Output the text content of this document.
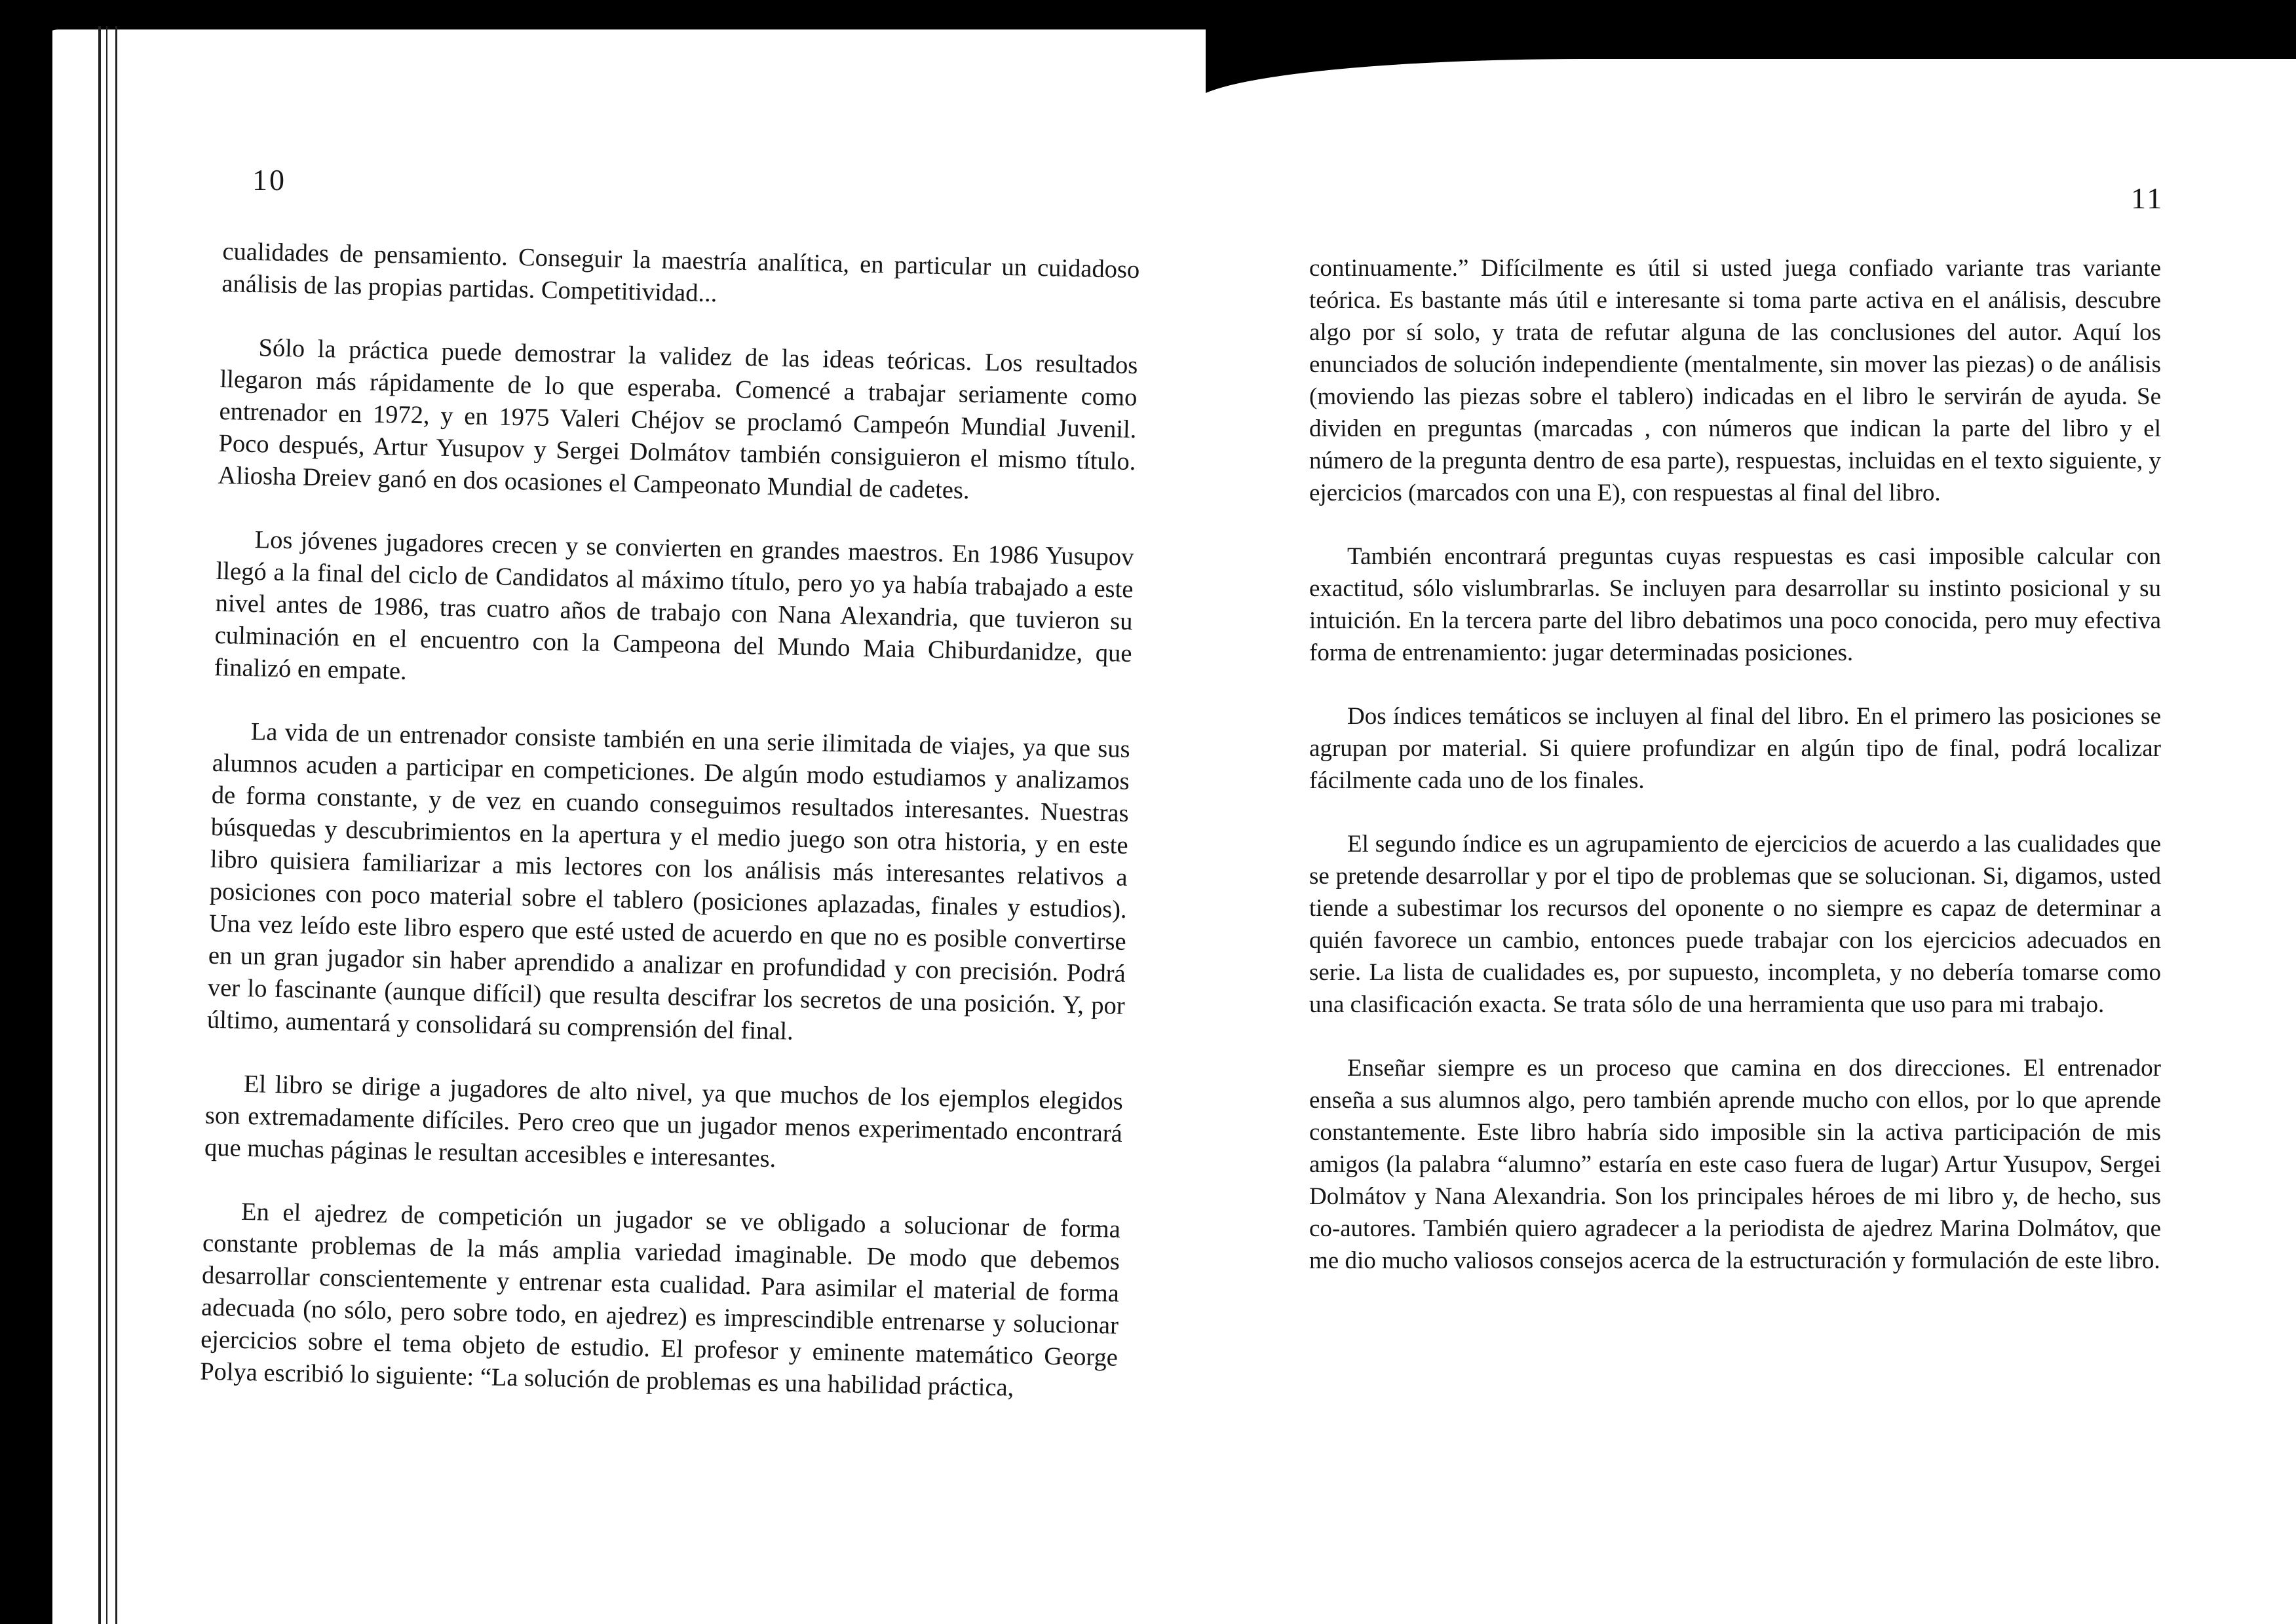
10

cualidades de pensamiento. Conseguir la maestría analítica, en particular un cuidadoso análisis de las propias partidas. Competitividad...

Sólo la práctica puede demostrar la validez de las ideas teóricas. Los resultados llegaron más rápidamente de lo que esperaba. Comencé a trabajar seriamente como entrenador en 1972, y en 1975 Valeri Chéjov se proclamó Campeón Mundial Juvenil. Poco después, Artur Yusupov y Sergei Dolmátov también consiguieron el mismo título. Aliosha Dreiev ganó en dos ocasiones el Campeonato Mundial de cadetes.

Los jóvenes jugadores crecen y se convierten en grandes maestros. En 1986 Yusupov llegó a la final del ciclo de Candidatos al máximo título, pero yo ya había trabajado a este nivel antes de 1986, tras cuatro años de trabajo con Nana Alexandria, que tuvieron su culminación en el encuentro con la Campeona del Mundo Maia Chiburdanidze, que finalizó en empate.

La vida de un entrenador consiste también en una serie ilimitada de viajes, ya que sus alumnos acuden a participar en competiciones. De algún modo estudiamos y analizamos de forma constante, y de vez en cuando conseguimos resultados interesantes. Nuestras búsquedas y descubrimientos en la apertura y el medio juego son otra historia, y en este libro quisiera familiarizar a mis lectores con los análisis más interesantes relativos a posiciones con poco material sobre el tablero (posiciones aplazadas, finales y estudios). Una vez leído este libro espero que esté usted de acuerdo en que no es posible convertirse en un gran jugador sin haber aprendido a analizar en profundidad y con precisión. Podrá ver lo fascinante (aunque difícil) que resulta descifrar los secretos de una posición. Y, por último, aumentará y consolidará su comprensión del final.

El libro se dirige a jugadores de alto nivel, ya que muchos de los ejemplos elegidos son extremadamente difíciles. Pero creo que un jugador menos experimentado encontrará que muchas páginas le resultan accesibles e interesantes.

En el ajedrez de competición un jugador se ve obligado a solucionar de forma constante problemas de la más amplia variedad imaginable. De modo que debemos desarrollar conscientemente y entrenar esta cualidad. Para asimilar el material de forma adecuada (no sólo, pero sobre todo, en ajedrez) es imprescindible entrenarse y solucionar ejercicios sobre el tema objeto de estudio. El profesor y eminente matemático George Polya escribió lo siguiente: “La solución de problemas es una habilidad práctica,

11

continuamente.” Difícilmente es útil si usted juega confiado variante tras variante teórica. Es bastante más útil e interesante si toma parte activa en el análisis, descubre algo por sí solo, y trata de refutar alguna de las conclusiones del autor. Aquí los enunciados de solución independiente (mentalmente, sin mover las piezas) o de análisis (moviendo las piezas sobre el tablero) indicadas en el libro le servirán de ayuda. Se dividen en preguntas (marcadas , con números que indican la parte del libro y el número de la pregunta dentro de esa parte), respuestas, incluidas en el texto siguiente, y ejercicios (marcados con una E), con respuestas al final del libro.

También encontrará preguntas cuyas respuestas es casi imposible calcular con exactitud, sólo vislumbrarlas. Se incluyen para desarrollar su instinto posicional y su intuición. En la tercera parte del libro debatimos una poco conocida, pero muy efectiva forma de entrenamiento: jugar determinadas posiciones.

Dos índices temáticos se incluyen al final del libro. En el primero las posiciones se agrupan por material. Si quiere profundizar en algún tipo de final, podrá localizar fácilmente cada uno de los finales.

El segundo índice es un agrupamiento de ejercicios de acuerdo a las cualidades que se pretende desarrollar y por el tipo de problemas que se solucionan. Si, digamos, usted tiende a subestimar los recursos del oponente o no siempre es capaz de determinar a quién favorece un cambio, entonces puede trabajar con los ejercicios adecuados en serie. La lista de cualidades es, por supuesto, incompleta, y no debería tomarse como una clasificación exacta. Se trata sólo de una herramienta que uso para mi trabajo.

Enseñar siempre es un proceso que camina en dos direcciones. El entrenador enseña a sus alumnos algo, pero también aprende mucho con ellos, por lo que aprende constantemente. Este libro habría sido imposible sin la activa participación de mis amigos (la palabra “alumno” estaría en este caso fuera de lugar) Artur Yusupov, Sergei Dolmátov y Nana Alexandria. Son los principales héroes de mi libro y, de hecho, sus co-autores. También quiero agradecer a la periodista de ajedrez Marina Dolmátov, que me dio mucho valiosos consejos acerca de la estructuración y formulación de este libro.
